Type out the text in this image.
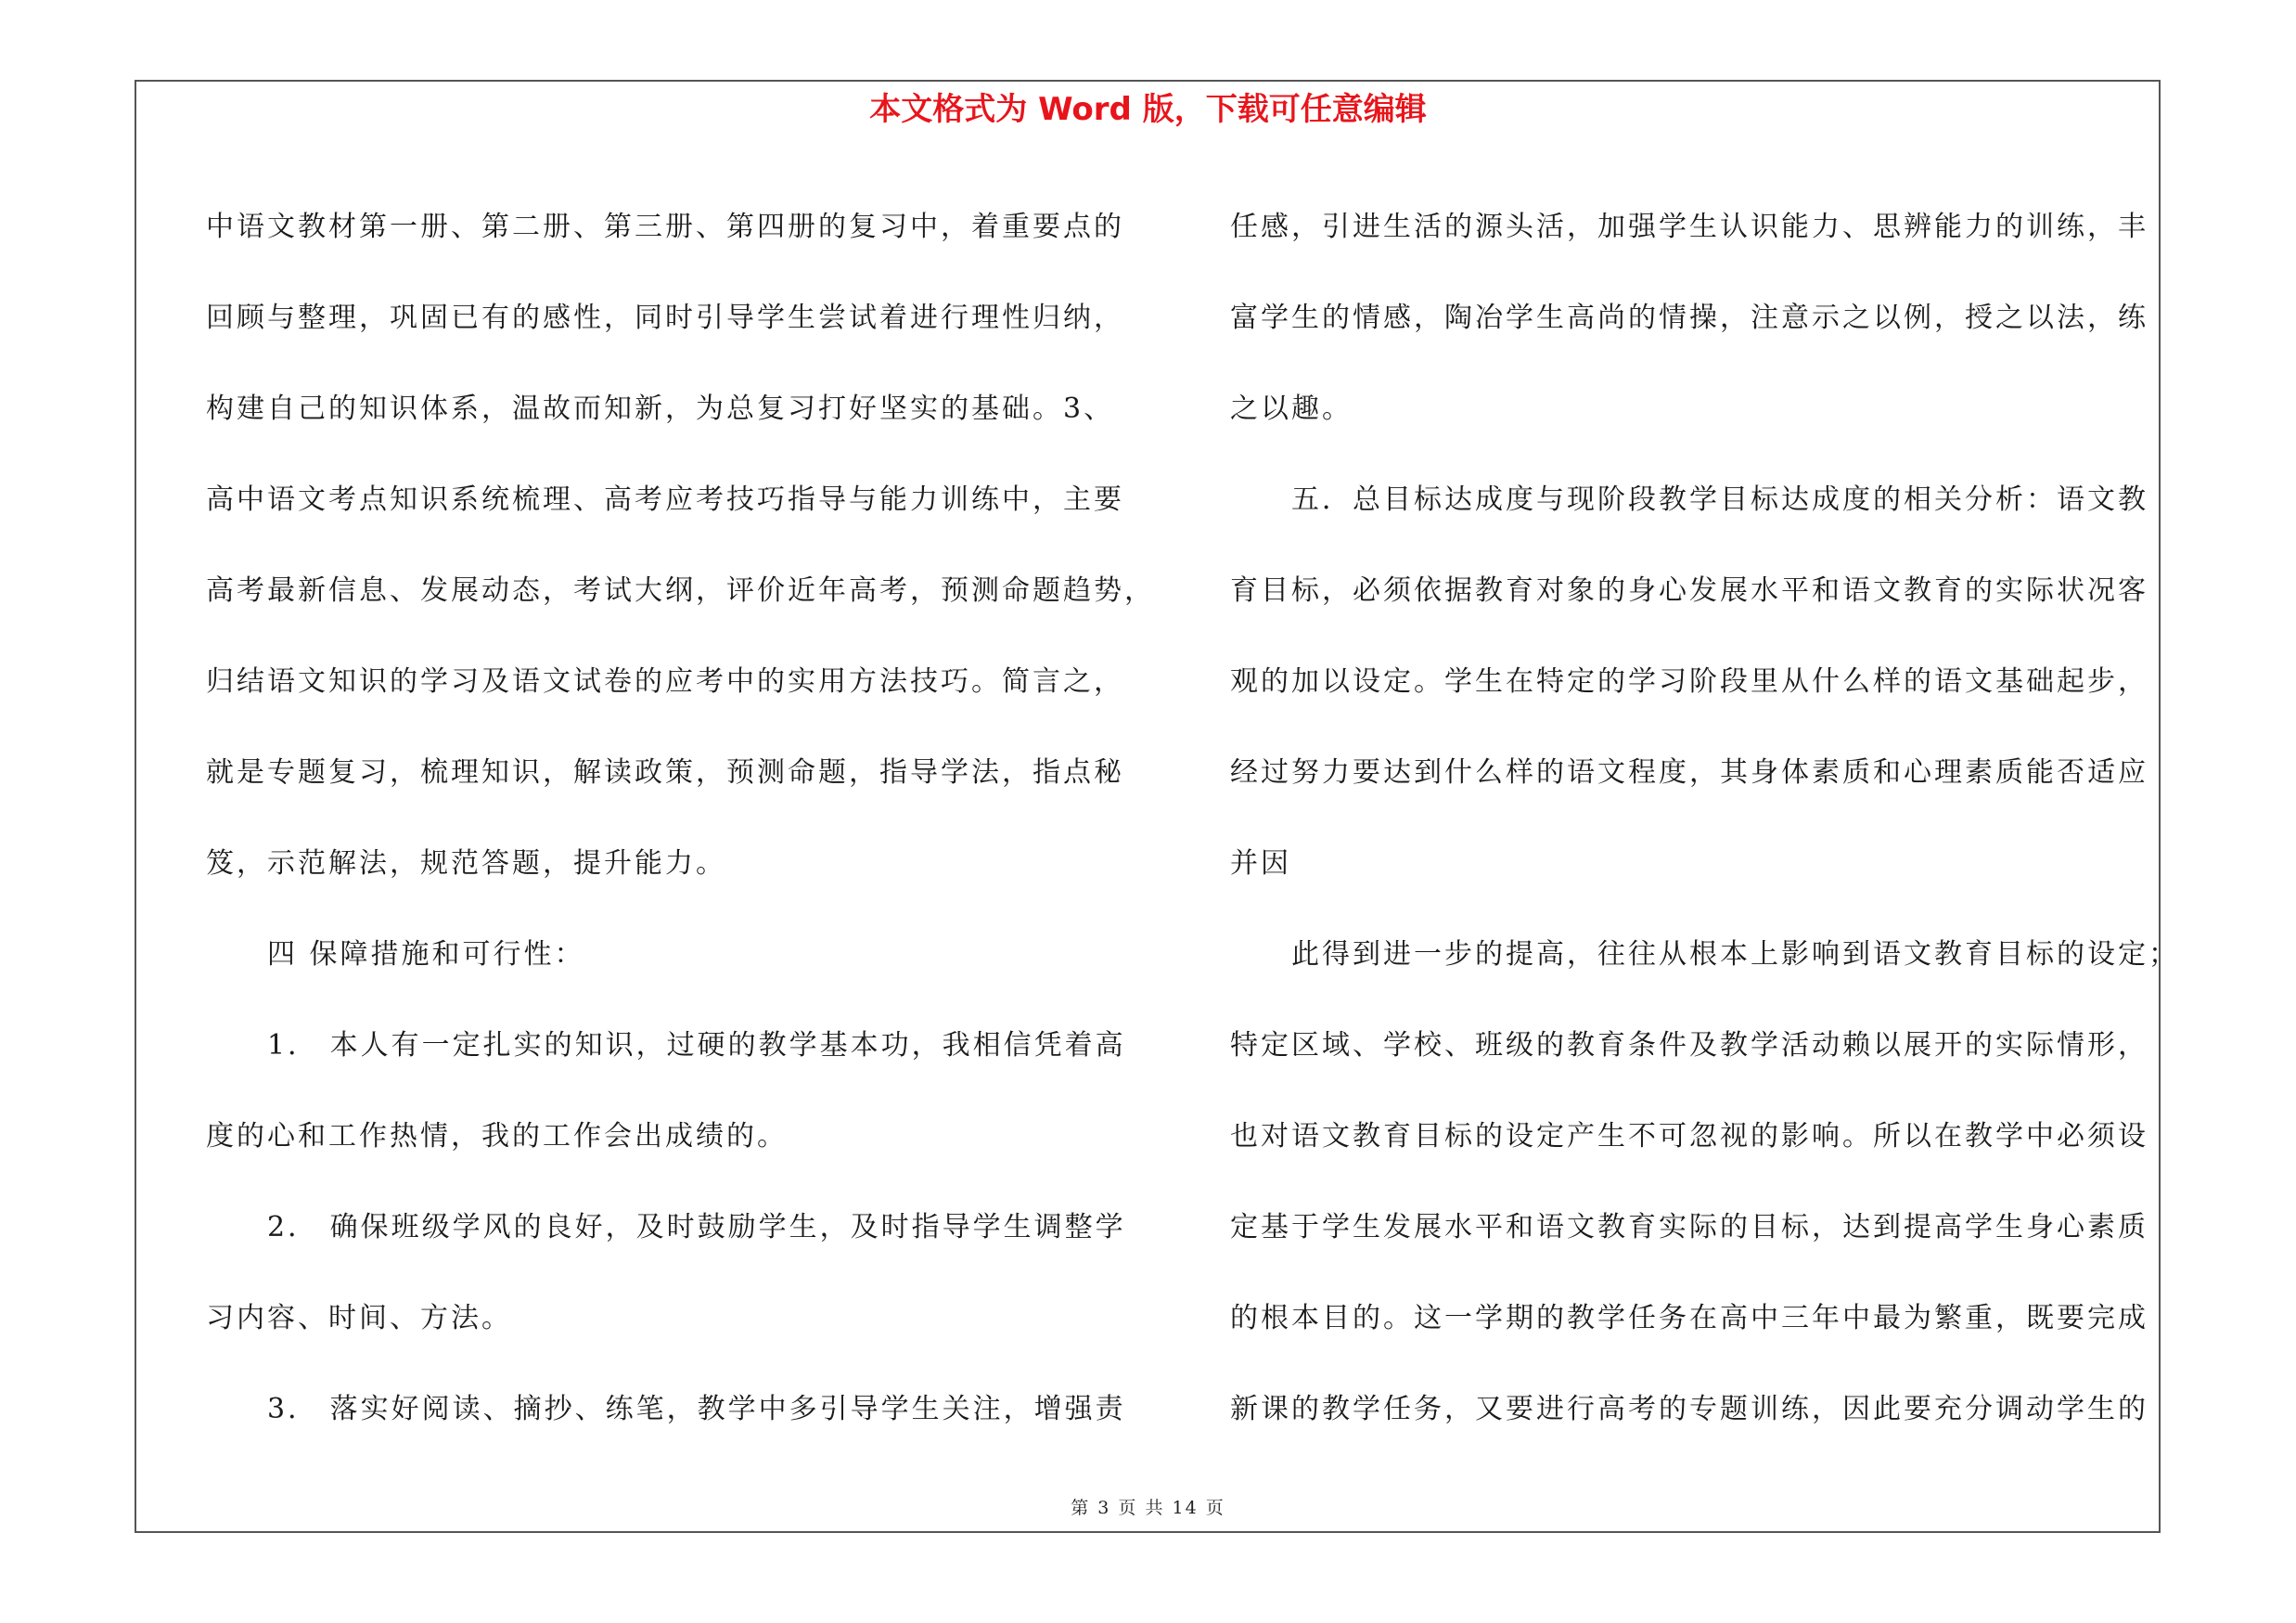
本文格式为 Word 版，下载可任意编辑
中语文教材第一册、第二册、第三册、第四册的复习中，着重要点的
回顾与整理，巩固已有的感性，同时引导学生尝试着进行理性归纳，
构建自己的知识体系，温故而知新，为总复习打好坚实的基础。3、
高中语文考点知识系统梳理、高考应考技巧指导与能力训练中，主要
高考最新信息、发展动态，考试大纲，评价近年高考，预测命题趋势，
归结语文知识的学习及语文试卷的应考中的实用方法技巧。简言之，
就是专题复习，梳理知识，解读政策，预测命题，指导学法，指点秘
笈，示范解法，规范答题，提升能力。
　　四 保障措施和可行性：
　　1． 本人有一定扎实的知识，过硬的教学基本功，我相信凭着高
度的心和工作热情，我的工作会出成绩的。
　　2． 确保班级学风的良好，及时鼓励学生，及时指导学生调整学
习内容、时间、方法。
　　3． 落实好阅读、摘抄、练笔，教学中多引导学生关注，增强责
任感，引进生活的源头活，加强学生认识能力、思辨能力的训练，丰
富学生的情感，陶冶学生高尚的情操，注意示之以例，授之以法，练
之以趣。
　　五．总目标达成度与现阶段教学目标达成度的相关分析：语文教
育目标，必须依据教育对象的身心发展水平和语文教育的实际状况客
观的加以设定。学生在特定的学习阶段里从什么样的语文基础起步，
经过努力要达到什么样的语文程度，其身体素质和心理素质能否适应
并因
　　此得到进一步的提高，往往从根本上影响到语文教育目标的设定；
特定区域、学校、班级的教育条件及教学活动赖以展开的实际情形，
也对语文教育目标的设定产生不可忽视的影响。所以在教学中必须设
定基于学生发展水平和语文教育实际的目标，达到提高学生身心素质
的根本目的。这一学期的教学任务在高中三年中最为繁重，既要完成
新课的教学任务，又要进行高考的专题训练，因此要充分调动学生的
第 3 页 共 14 页
